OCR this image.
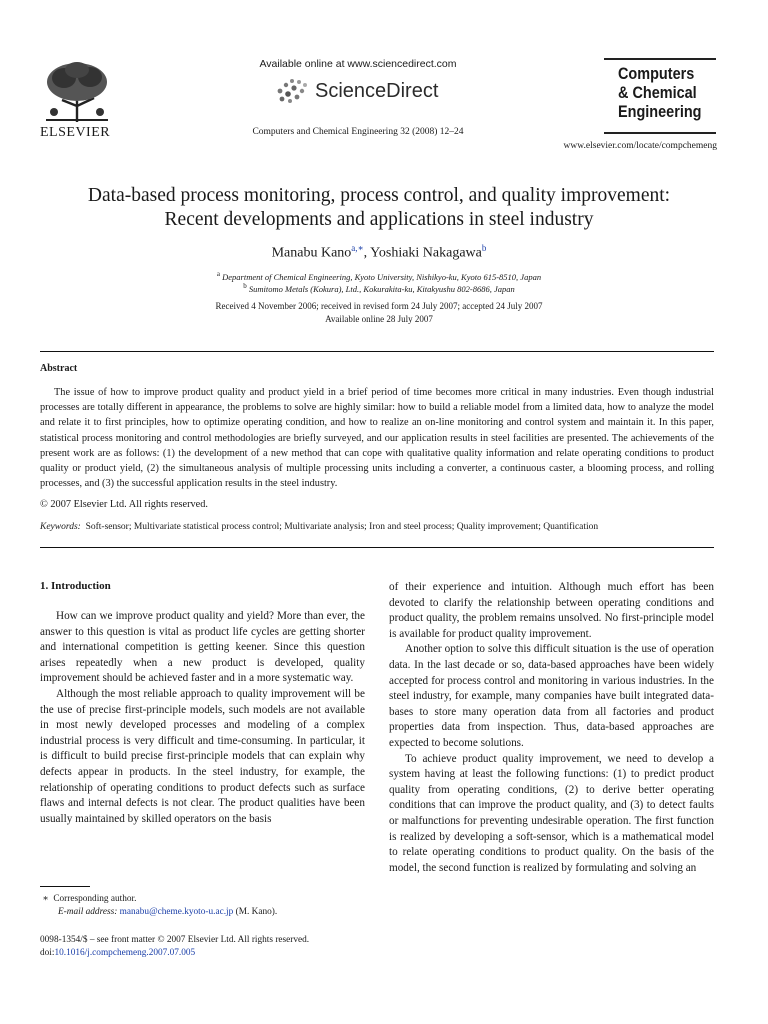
ELSEVIER
Available online at www.sciencedirect.com
ScienceDirect
Computers and Chemical Engineering 32 (2008) 12–24
Computers
& Chemical
Engineering
www.elsevier.com/locate/compchemeng
Data-based process monitoring, process control, and quality improvement:
Recent developments and applications in steel industry
Manabu Kano$^{a,∗}$, Yoshiaki Nakagawa$^b$
$^a$ Department of Chemical Engineering, Kyoto University, Nishikyo-ku, Kyoto 615-8510, Japan
$^b$ Sumitomo Metals (Kokura), Ltd., Kokurakita-ku, Kitakyushu 802-8686, Japan
Received 4 November 2006; received in revised form 24 July 2007; accepted 24 July 2007
Available online 28 July 2007
Abstract
The issue of how to improve product quality and product yield in a brief period of time becomes more critical in many industries. Even though industrial processes are totally different in appearance, the problems to solve are highly similar: how to build a reliable model from a limited data, how to analyze the model and relate it to first principles, how to optimize operating condition, and how to realize an on-line monitoring and control system and maintain it. In this paper, statistical process monitoring and control methodologies are briefly surveyed, and our application results in steel facilities are presented. The achievements of the present work are as follows: (1) the development of a new method that can cope with qualitative quality information and relate operating conditions to product quality or product yield, (2) the simultaneous analysis of multiple processing units including a converter, a continuous caster, a blooming process, and rolling processes, and (3) the successful application results in the steel industry.
© 2007 Elsevier Ltd. All rights reserved.
Keywords: Soft-sensor; Multivariate statistical process control; Multivariate analysis; Iron and steel process; Quality improvement; Quantification
1. Introduction

How can we improve product quality and yield? More than ever, the answer to this question is vital as product life cycles are getting shorter and international competition is getting keener. Since this question arises repeatedly when a new product is developed, quality improvement should be achieved faster and in a more systematic way.

Although the most reliable approach to quality improvement will be the use of precise first-principle models, such models are not available in most newly developed processes and modeling of a complex industrial process is very difficult and time-consuming. In particular, it is difficult to build precise first-principle models that can explain why defects appear in products. In the steel industry, for example, the relationship of operating conditions to product defects such as surface flaws and internal defects is not clear. The product qualities have been usually maintained by skilled operators on the basis

of their experience and intuition. Although much effort has been devoted to clarify the relationship between operating conditions and product quality, the problem remains unsolved. No first-principle model is available for product quality improvement.

Another option to solve this difficult situation is the use of operation data. In the last decade or so, data-based approaches have been widely accepted for process control and monitoring in various industries. In the steel industry, for example, many companies have built integrated data-bases to store many operation data from all factories and product properties data from inspection. Thus, data-based approaches are expected to become solutions.

To achieve product quality improvement, we need to develop a system having at least the following functions: (1) to predict product quality from operating conditions, (2) to derive better operating conditions that can improve the product quality, and (3) to detect faults or malfunctions for preventing undesirable operation. The first function is realized by developing a soft-sensor, which is a mathematical model to relate operating conditions to product quality. On the basis of the model, the second function is realized by formulating and solving an

∗ Corresponding author.
E-mail address: manabu@cheme.kyoto-u.ac.jp (M. Kano).
0098-1354/$ – see front matter © 2007 Elsevier Ltd. All rights reserved.
doi:10.1016/j.compchemeng.2007.07.005
